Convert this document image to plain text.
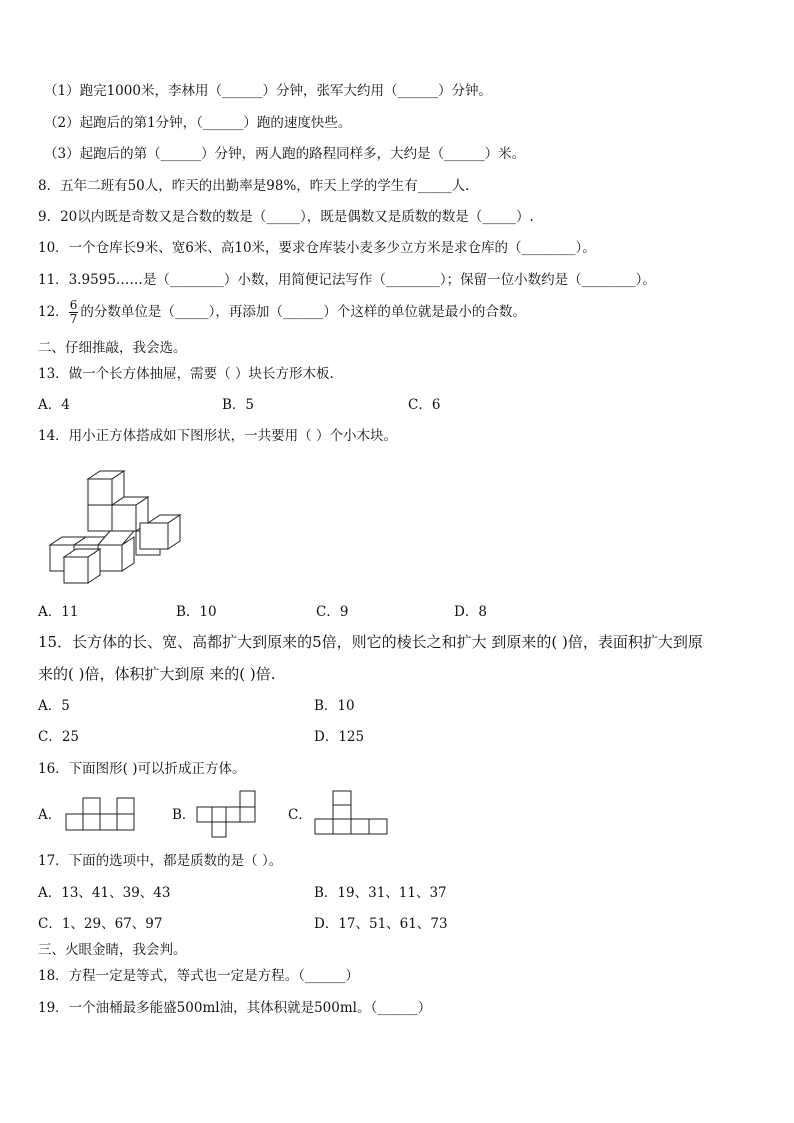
（1）跑完1000米，李林用（______）分钟，张军大约用（______）分钟。
（2）起跑后的第1分钟，（______）跑的速度快些。
（3）起跑后的第（______）分钟，两人跑的路程同样多，大约是（______）米。
8．五年二班有50人，昨天的出勤率是98%，昨天上学的学生有_____人.
9．20以内既是奇数又是合数的数是（_____），既是偶数又是质数的数是（_____）.
10．一个仓库长9米、宽6米、高10米，要求仓库装小麦多少立方米是求仓库的（________）。
11．3.9595……是（________）小数，用简便记法写作（________）；保留一位小数约是（________）。
12． $\frac{6}{7}$ 的分数单位是（_____），再添加（______）个这样的单位就是最小的合数。
二、仔细推敲，我会选。
13．做一个长方体抽屉，需要（ ）块长方形木板.
A．4	B．5	C．6
14．用小正方体搭成如下图形状，一共要用（ ）个小木块。
A．11	B．10	C．9	D．8
15．长方体的长、宽、高都扩大到原来的5倍，则它的棱长之和扩大 到原来的( )倍，表面积扩大到原
来的( )倍，体积扩大到原 来的( )倍.
A．5	B．10
C．25	D．125
16．下面图形( )可以折成正方体。
A．	B．	C．
17．下面的选项中，都是质数的是（ ）。
A．13、41、39、43	B．19、31、11、37
C．1、29、67、97	D．17、51、61、73
三、火眼金睛，我会判。
18．方程一定是等式，等式也一定是方程。（______）
19．一个油桶最多能盛500ml油，其体积就是500ml。（______）
